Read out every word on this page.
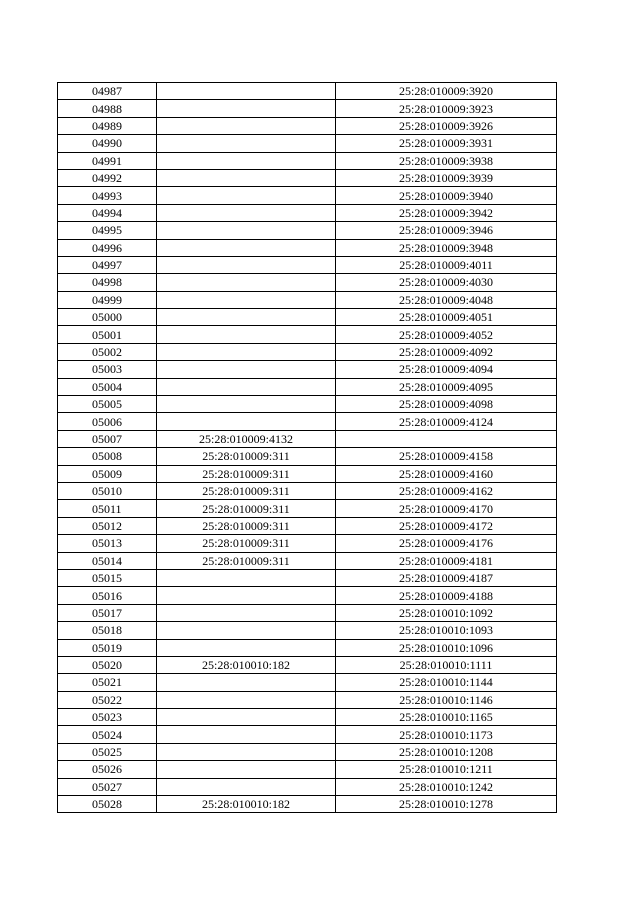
04987		25:28:010009:3920
04988		25:28:010009:3923
04989		25:28:010009:3926
04990		25:28:010009:3931
04991		25:28:010009:3938
04992		25:28:010009:3939
04993		25:28:010009:3940
04994		25:28:010009:3942
04995		25:28:010009:3946
04996		25:28:010009:3948
04997		25:28:010009:4011
04998		25:28:010009:4030
04999		25:28:010009:4048
05000		25:28:010009:4051
05001		25:28:010009:4052
05002		25:28:010009:4092
05003		25:28:010009:4094
05004		25:28:010009:4095
05005		25:28:010009:4098
05006		25:28:010009:4124
05007	25:28:010009:4132	
05008	25:28:010009:311	25:28:010009:4158
05009	25:28:010009:311	25:28:010009:4160
05010	25:28:010009:311	25:28:010009:4162
05011	25:28:010009:311	25:28:010009:4170
05012	25:28:010009:311	25:28:010009:4172
05013	25:28:010009:311	25:28:010009:4176
05014	25:28:010009:311	25:28:010009:4181
05015		25:28:010009:4187
05016		25:28:010009:4188
05017		25:28:010010:1092
05018		25:28:010010:1093
05019		25:28:010010:1096
05020	25:28:010010:182	25:28:010010:1111
05021		25:28:010010:1144
05022		25:28:010010:1146
05023		25:28:010010:1165
05024		25:28:010010:1173
05025		25:28:010010:1208
05026		25:28:010010:1211
05027		25:28:010010:1242
05028	25:28:010010:182	25:28:010010:1278
